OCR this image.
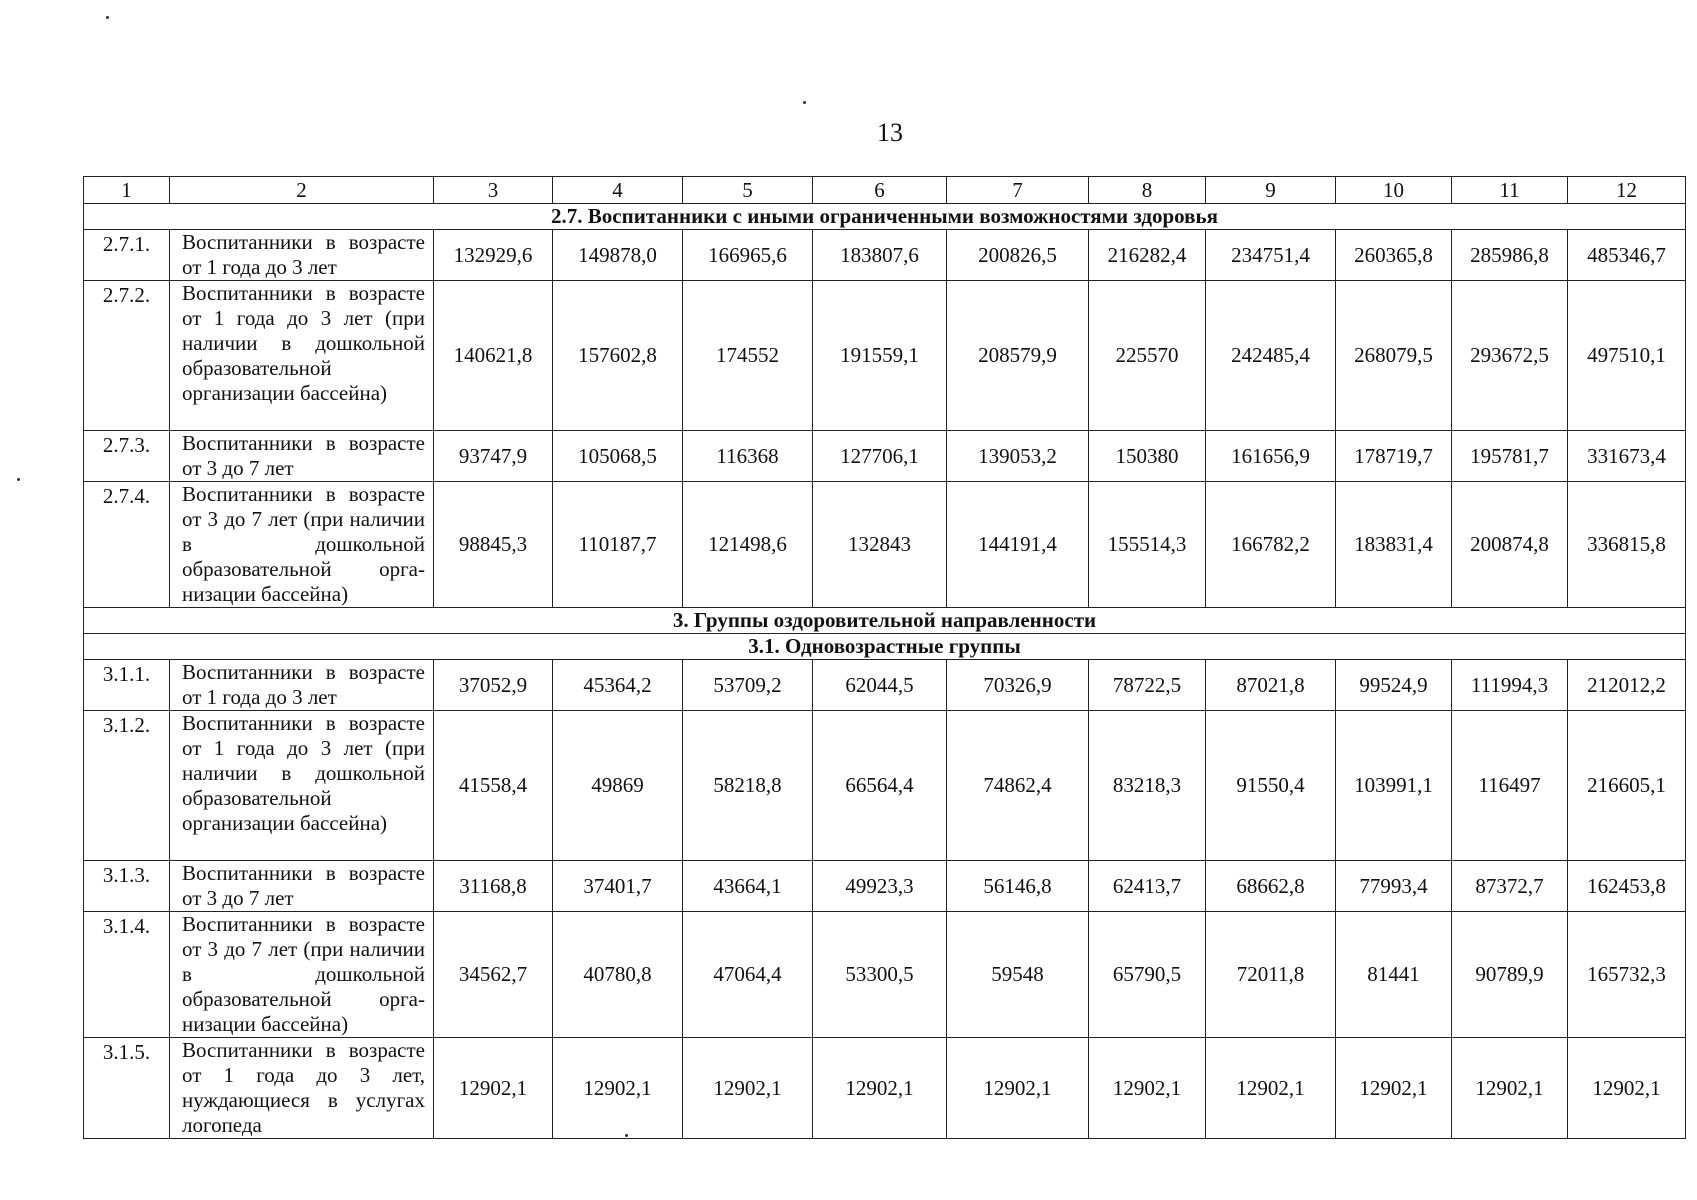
13
1	2	3	4	5	6	7	8	9	10	11	12
2.7. Воспитанники с иными ограниченными возможностями здоровья											
2.7.1.	Воспитанники в возрасте от 1 года до 3 лет	132929,6	149878,0	166965,6	183807,6	200826,5	216282,4	234751,4	260365,8	285986,8	485346,7
2.7.2.	Воспитанники в возрасте от 1 года до 3 лет (при наличии в дошкольной образовательной организации бассейна)	140621,8	157602,8	174552	191559,1	208579,9	225570	242485,4	268079,5	293672,5	497510,1
2.7.3.	Воспитанники в возрасте от 3 до 7 лет	93747,9	105068,5	116368	127706,1	139053,2	150380	161656,9	178719,7	195781,7	331673,4
2.7.4.	Воспитанники в возрасте от 3 до 7 лет (при наличии в дошкольной образовательной организации бассейна)	98845,3	110187,7	121498,6	132843	144191,4	155514,3	166782,2	183831,4	200874,8	336815,8
3. Группы оздоровительной направленности											
3.1. Одновозрастные группы											
3.1.1.	Воспитанники в возрасте от 1 года до 3 лет	37052,9	45364,2	53709,2	62044,5	70326,9	78722,5	87021,8	99524,9	111994,3	212012,2
3.1.2.	Воспитанники в возрасте от 1 года до 3 лет (при наличии в дошкольной образовательной организации бассейна)	41558,4	49869	58218,8	66564,4	74862,4	83218,3	91550,4	103991,1	116497	216605,1
3.1.3.	Воспитанники в возрасте от 3 до 7 лет	31168,8	37401,7	43664,1	49923,3	56146,8	62413,7	68662,8	77993,4	87372,7	162453,8
3.1.4.	Воспитанники в возрасте от 3 до 7 лет (при наличии в дошкольной образовательной организации бассейна)	34562,7	40780,8	47064,4	53300,5	59548	65790,5	72011,8	81441	90789,9	165732,3
3.1.5.	Воспитанники в возрасте от 1 года до 3 лет, нуждающиеся в услугах логопеда	12902,1	12902,1	12902,1	12902,1	12902,1	12902,1	12902,1	12902,1	12902,1	12902,1
